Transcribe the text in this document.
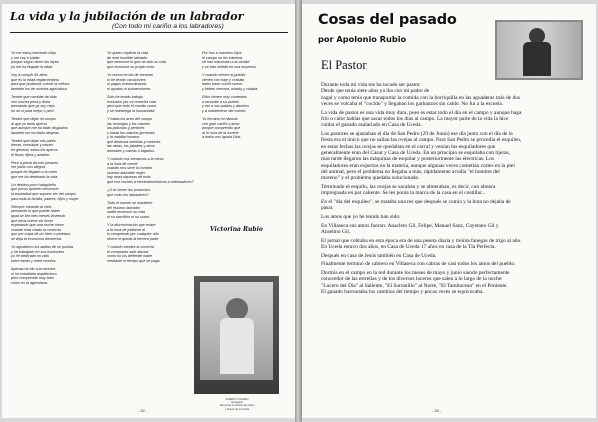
La vida y la jubilación de un labrador
(Con todo mi cariño a los labradores)

Yo me estoy haciendo viejo
y me voy a jubilar
porque según dicen las leyes
ya me ha llegado la edad.

Voy a cumplir 65 años
que es la edad reglamentaria
para que podamos cobrar la señora
también los de nuestra agricultura.

Tendré que cambiar de vida
con mucha pena y dolor
pensando que ya soy viejo
no se si para mejor o peor.

Tendré que dejar mi campo
al que yo tanto quería
que aunque me ha dado disgustos
también me ha dado alegrías.

Tendré que dejar mis pares
tierras, remolque y tractor
en general, todos los aperos
el fiscal, tijera y azadón.

Pero a pesar de mis pesares
me jubilo con alegría
porque he llegado a la meta
que me ha destinado la vida.

Un destino poco halagüeño
que pocos quieren reconocer
la esclavitud que supone ser del campo
para toda la familia, padres, hijos y mujer.

Siempre mirando al cielo
pensando lo que puede haber
igual se tira mes meses lloviendo
que otros nueve sin llover
esperando que una noche nieve
cuando está criado la cosecha
que por culpa de un hielo o pedrisco
se deja la economía deshecha.

Yo agradezco los saldos de mi puebla
y he trabajado en sus horizontes
yo he dedicado mi vida
entre lianas y entre montes.

Apenas he ido a la escuela
ni he estudiado arquitectura
pero comprendo muy bien
cómo es la agricultura.

Yo quiero explicar la vida
de este humilde labrador
que reconoce lo que ha sido su vida
que reconoce su propio error.

Yo nunca he ido de veraneo
ni he tenido vacaciones
ni pagas extraordinarias
ni ayudas ni subvenciones.

Sólo he tenido trabajo
exclusivo por mi cosecha criar
pero que todo el mundo coma
y se mantenga la humanidad.

Y hasta los aves del campo
las hormigas y los ratones
las palomas y perdices
y hasta los mismos gorriones
y la maldita hurraca
que destroza semillas y melones
las ranas, los jabalíes y otros
animales y cabras o lagartos.

Y cuando nos sentamos a la mesa
a la hora de comer
cuando nos sirve la comida
nuestra adorable mujer
hay otras riquezas de toda
que con coches a electrodomésticos a ordenadores?

¿O te sirven los productos
que crían los labradores?

Todo el mundo se mantiene
del esclavo labrador
nadie reconoce su vida
ni su sacrificio ni su sudor.

Y la discriminación que existe
a la hora de jubilarse al
lo comprendo por cualquier año
ofrece le queda la tercera parte.

Y cuando vendes la cosecha
el comprador sale abusar
como no los defiende nadie
mediante el tiempo que se paga.

Por eso a nuestros hijos
el campo no les interesa
se han marchado a la ciudad
y se han metido en una empresa.

Y cuando vienen al pueblo
vienen con traje y corbata
todos traen coche nuevo
y beben cerveza, whisky y cubata.

Ellos vienen muy contentos
a recordar a su pueblo
y ser a sus padres y abuelos
y a mantenerse del cuento.

Yo termino mi historia
con gran cariño y amor
porque comprendo que
al lo hora de la muerte
a todos nos iguala Dios.

Victorina Rubio
ALBERTO VALERO
Simagario
Recuerdo de familia del padre
y abuelo de la familia
- 52 -
Cosas del pasado
por Apolonio Rubio
El Pastor

Durante toda mi vida me ha tocado ser pastor.
Desde que tenía siete años ya iba con mi padre de
zagal y como tenía que transportar la comida con la borriquilla en las aguaderas más de dos
veces se volcaba el "cocido" y llegaban los garbanzos sin caldo. No fui a la escuela.

La vida de pastor es una vida muy dura, pues es estar todo el día en el campo y aunque haga
frío o calor habías que sacar todos los días al campo. La mayor parte de la vida la hice
cuidar el ganado asalariado en Casa de Uceda.

Los pastores se ajustaban el día de San Pedro (29 de Junio) ese día junto con el día de la
fiesta era el único que no salían las ovejas al campo. Para San Pedro se procedía el esquileo,
en estas fechas las ovejas se quedaban en el corral y venían los esquiladores que
generalmente eran del Casar y Casa de Uceda. En un principio se esquilaba con tijeras,
más tarde llegaron las máquinas de esquilar y posteriormente las eléctricas. Los
esquiladores eran expertos en la materia, aunque algunas veces cometían cortes en la piel
del animal, pero el problema no llegaba a más, rápidamente acudía "el hombre del
moreno" y el problema quedaba solucionado.

Terminado el esquilo, las ovejas se sacaban y se almeraban, es decir, con almera
impregnada en par caliente. Se les ponía la marca de la casa en el costillar...

En el "día del esquileo", se mataba una res que después se comía y la bota no dejaba de
pasar.

Los amos que yo he tenido han sido:

En Villaseca sus amos fueron: Anacleto Gil, Felipe, Manuel Sanz, Cayetano Gil y
Anselmo Gil.

El jornal que cobraba en esta época era de una peseta diaria y treinta fanegas de trigo al año.
En Uceda estuvo dos años, en Casa de Uceda 17 años en casa de la Tía Perfecta.

Después en casa de Jesús también en Casa de Uceda.

Finalmente terminó de cabrero en Villaseca con cabras de casi todos los amos del pueblo.

Dormía en el campo en la red durante los meses de mayo y junio siendo perfectamente
conocedor de las estrellas y de los diversos luceros que salen a lo largo de la noche:
"Lucero del Día" al Saliente, "El Sarranillo" al Norte, "El Tambucean" en el Poniente.
El ganado barruntaba los cambios del tiempo y pocas veces se equivocaba.

- 53 -
